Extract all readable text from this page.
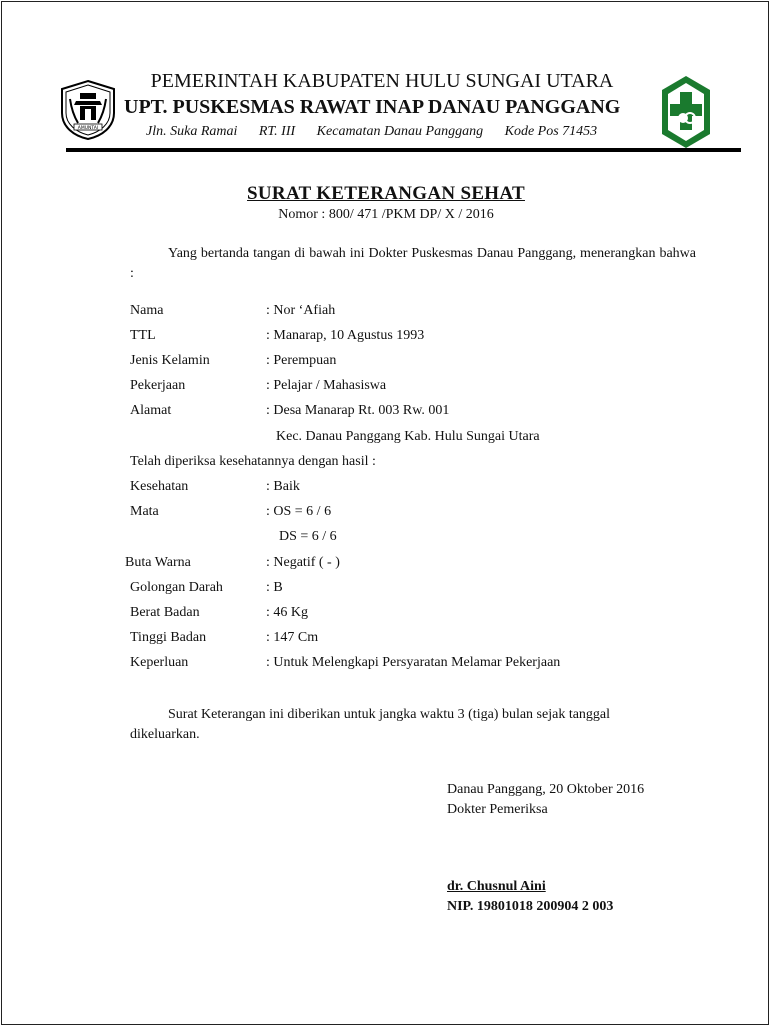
AMUNTAI
PEMERINTAH KABUPATEN HULU SUNGAI UTARA
UPT. PUSKESMAS RAWAT INAP DANAU PANGGANG
Jln. Suka Ramai RT. III Kecamatan Danau Panggang Kode Pos 71453
SURAT KETERANGAN SEHAT
Nomor : 800/ 471 /PKM DP/ X / 2016
Yang bertanda tangan di bawah ini Dokter Puskesmas Danau Panggang, menerangkan bahwa :
Nama	: Nor ‘Afiah
TTL	: Manarap, 10 Agustus 1993
Jenis Kelamin	: Perempuan
Pekerjaan	: Pelajar / Mahasiswa
Alamat	: Desa Manarap Rt. 003 Rw. 001
Kec. Danau Panggang Kab. Hulu Sungai Utara
Telah diperiksa kesehatannya dengan hasil :
Kesehatan	: Baik
Mata	: OS = 6 / 6
DS = 6 / 6
Buta Warna	: Negatif ( - )
Golongan Darah	: B
Berat Badan	: 46 Kg
Tinggi Badan	: 147 Cm
Keperluan	: Untuk Melengkapi Persyaratan Melamar Pekerjaan
Surat Keterangan ini diberikan untuk jangka waktu 3 (tiga) bulan sejak tanggal dikeluarkan.
Danau Panggang, 20 Oktober 2016
Dokter Pemeriksa
dr. Chusnul Aini
NIP. 19801018 200904 2 003
